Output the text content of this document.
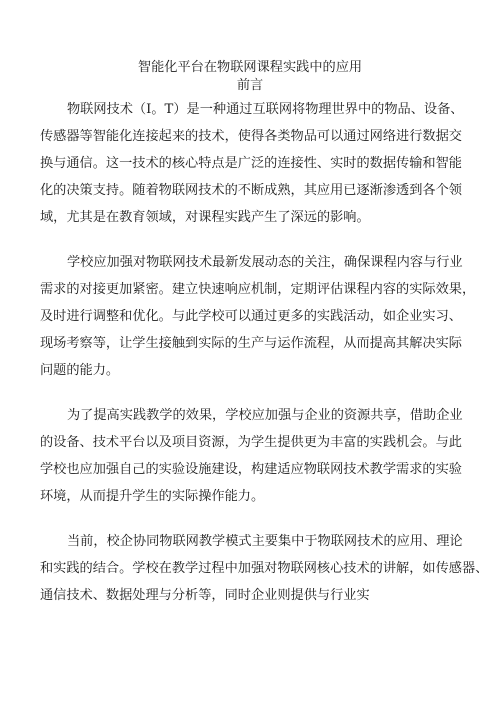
智能化平台在物联网课程实践中的应用
前言
物联网技术（I。T）是一种通过互联网将物理世界中的物品、设备、
传感器等智能化连接起来的技术，使得各类物品可以通过网络进行数据交
换与通信。这一技术的核心特点是广泛的连接性、实时的数据传输和智能
化的决策支持。随着物联网技术的不断成熟，其应用已逐渐渗透到各个领
域，尤其是在教育领域，对课程实践产生了深远的影响。
学校应加强对物联网技术最新发展动态的关注，确保课程内容与行业
需求的对接更加紧密。建立快速响应机制，定期评估课程内容的实际效果，
及时进行调整和优化。与此学校可以通过更多的实践活动，如企业实习、
现场考察等，让学生接触到实际的生产与运作流程，从而提高其解决实际
问题的能力。
为了提高实践教学的效果，学校应加强与企业的资源共享，借助企业
的设备、技术平台以及项目资源，为学生提供更为丰富的实践机会。与此
学校也应加强自己的实验设施建设，构建适应物联网技术教学需求的实验
环境，从而提升学生的实际操作能力。
当前，校企协同物联网教学模式主要集中于物联网技术的应用、理论
和实践的结合。学校在教学过程中加强对物联网核心技术的讲解，如传感器、
通信技术、数据处理与分析等，同时企业则提供与行业实
